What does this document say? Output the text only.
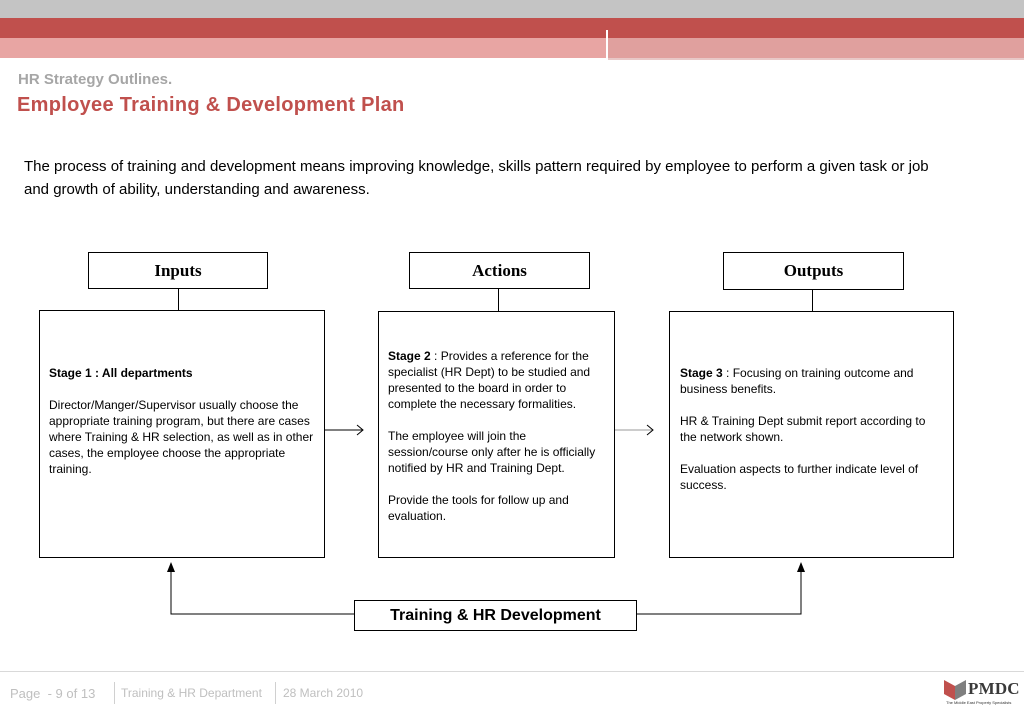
HR Strategy Outlines.
Employee Training & Development Plan
The process of training and development means improving knowledge, skills pattern required by employee to perform a given task or job and growth of ability, understanding and awareness.
Inputs	Actions	Outputs

Stage 1 : All departments

Director/Manger/Supervisor usually choose the appropriate training program, but there are cases where Training & HR selection, as well as in other cases, the employee choose the appropriate training.

Stage 2 : Provides a reference for the specialist (HR Dept) to be studied and presented to the board in order to complete the necessary formalities.

The employee will join the session/course only after he is officially notified by HR and Training Dept.

Provide the tools for follow up and evaluation.

Stage 3 : Focusing on training outcome and business benefits.

HR & Training Dept submit report according to the network shown.

Evaluation aspects to further indicate level of success.

Training & HR Development
Page - 9 of 13 Training & HR Department 28 March 2010	PMDC
The Middle East Property Specialists
